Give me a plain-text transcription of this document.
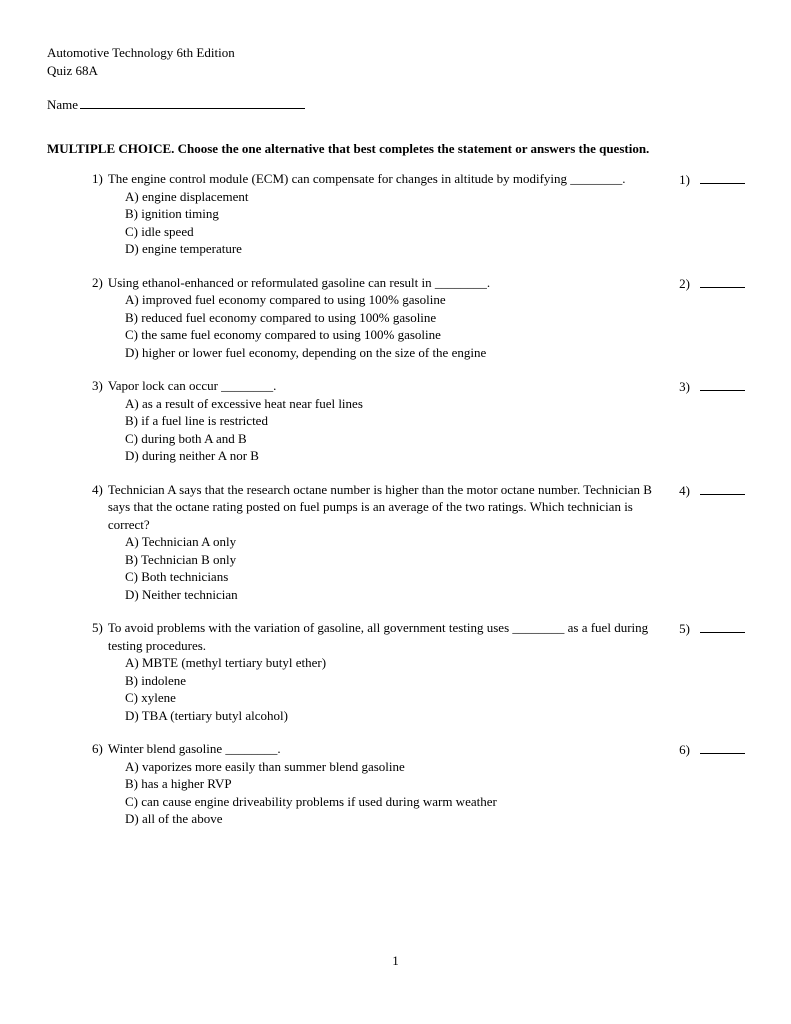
Automotive Technology 6th Edition
Quiz 68A
Name
MULTIPLE CHOICE. Choose the one alternative that best completes the statement or answers the question.
1) The engine control module (ECM) can compensate for changes in altitude by modifying ________.
A) engine displacement
B) ignition timing
C) idle speed
D) engine temperature
1)
2) Using ethanol-enhanced or reformulated gasoline can result in ________.
A) improved fuel economy compared to using 100% gasoline
B) reduced fuel economy compared to using 100% gasoline
C) the same fuel economy compared to using 100% gasoline
D) higher or lower fuel economy, depending on the size of the engine
2)
3) Vapor lock can occur ________.
A) as a result of excessive heat near fuel lines
B) if a fuel line is restricted
C) during both A and B
D) during neither A nor B
3)
4) Technician A says that the research octane number is higher than the motor octane number. Technician B says that the octane rating posted on fuel pumps is an average of the two ratings. Which technician is correct?
A) Technician A only
B) Technician B only
C) Both technicians
D) Neither technician
4)
5) To avoid problems with the variation of gasoline, all government testing uses ________ as a fuel during testing procedures.
A) MBTE (methyl tertiary butyl ether)
B) indolene
C) xylene
D) TBA (tertiary butyl alcohol)
5)
6) Winter blend gasoline ________.
A) vaporizes more easily than summer blend gasoline
B) has a higher RVP
C) can cause engine driveability problems if used during warm weather
D) all of the above
6)
1
